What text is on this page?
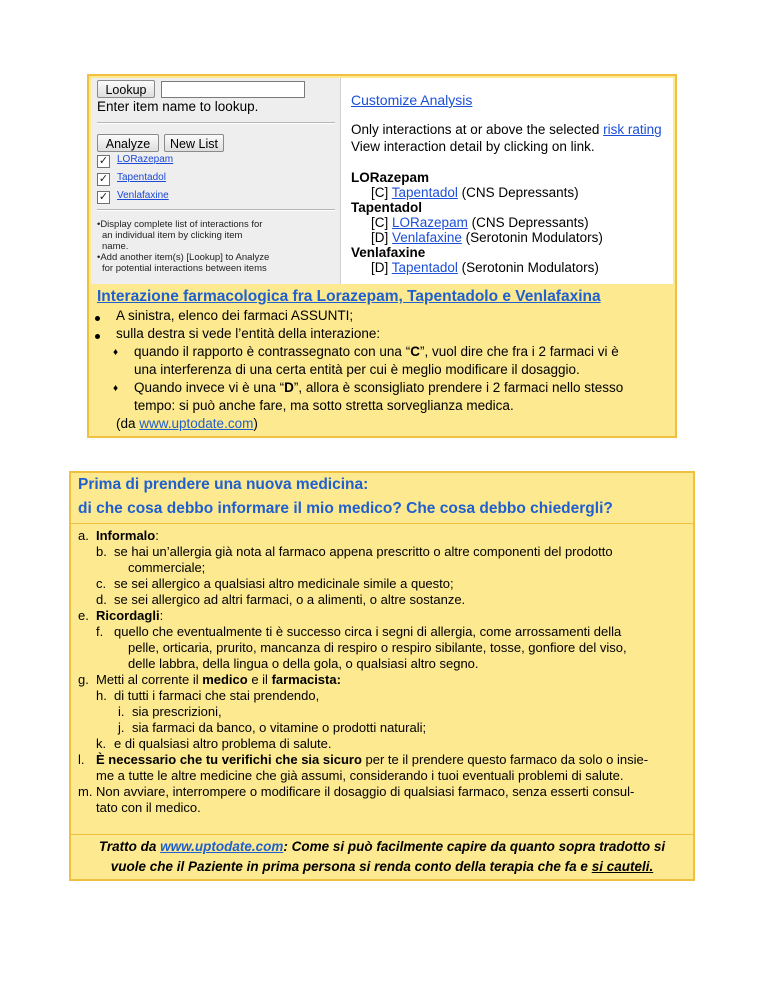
Lookup
Enter item name to lookup.
Analyze	New List
✓ LORazepam
✓ Tapentadol
✓ Venlafaxine
•Display complete list of interactions for
an individual item by clicking item
name.
•Add another item(s) [Lookup] to Analyze
for potential interactions between items
Customize Analysis
Only interactions at or above the selected risk rating
View interaction detail by clicking on link.
LORazepam
[C] Tapentadol (CNS Depressants)
Tapentadol
[C] LORazepam (CNS Depressants)
[D] Venlafaxine (Serotonin Modulators)
Venlafaxine
[D] Tapentadol (Serotonin Modulators)
Interazione farmacologica fra Lorazepam, Tapentadolo e Venlafaxina
A sinistra, elenco dei farmaci ASSUNTI;
sulla destra si vede l’entità della interazione:
♦ quando il rapporto è contrassegnato con una “C”, vuol dire che fra i 2 farmaci vi è
una interferenza di una certa entità per cui è meglio modificare il dosaggio.
♦ Quando invece vi è una “D”, allora è sconsigliato prendere i 2 farmaci nello stesso
tempo: si può anche fare, ma sotto stretta sorveglianza medica.
(da www.uptodate.com)
Prima di prendere una nuova medicina:
di che cosa debbo informare il mio medico? Che cosa debbo chiedergli?
a. Informalo:
b. se hai un’allergia già nota al farmaco appena prescritto o altre componenti del prodotto
commerciale;
c. se sei allergico a qualsiasi altro medicinale simile a questo;
d. se sei allergico ad altri farmaci, o a alimenti, o altre sostanze.
e. Ricordagli:
f. quello che eventualmente ti è successo circa i segni di allergia, come arrossamenti della
pelle, orticaria, prurito, mancanza di respiro o respiro sibilante, tosse, gonfiore del viso,
delle labbra, della lingua o della gola, o qualsiasi altro segno.
g. Metti al corrente il medico e il farmacista:
h. di tutti i farmaci che stai prendendo,
i. sia prescrizioni,
j. sia farmaci da banco, o vitamine o prodotti naturali;
k. e di qualsiasi altro problema di salute.
l. È necessario che tu verifichi che sia sicuro per te il prendere questo farmaco da solo o insie-
me a tutte le altre medicine che già assumi, considerando i tuoi eventuali problemi di salute.
m. Non avviare, interrompere o modificare il dosaggio di qualsiasi farmaco, senza esserti consul-
tato con il medico.
Tratto da www.uptodate.com: Come si può facilmente capire da quanto sopra tradotto si
vuole che il Paziente in prima persona si renda conto della terapia che fa e si cauteli.
